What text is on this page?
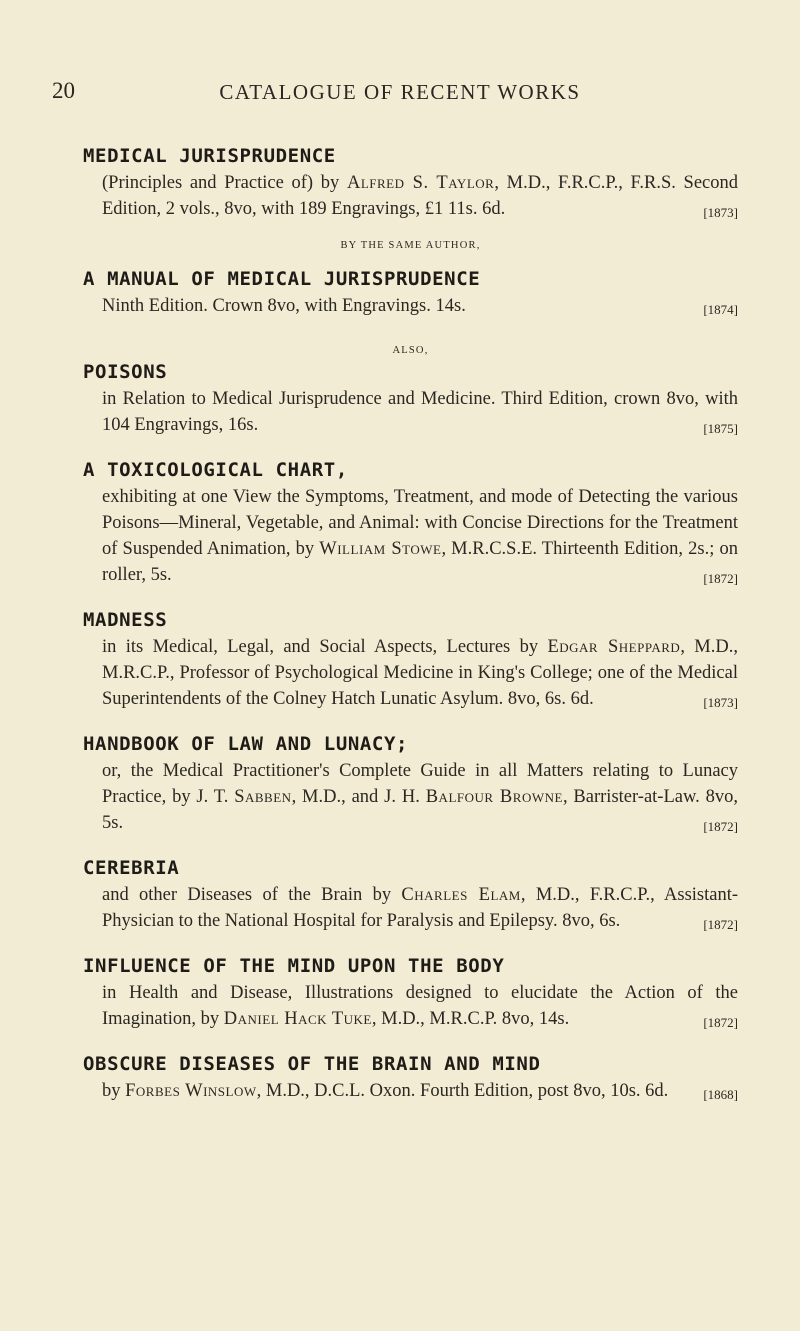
20	CATALOGUE OF RECENT WORKS
MEDICAL JURISPRUDENCE
(Principles and Practice of) by Alfred S. Taylor, M.D., F.R.C.P., F.R.S. Second Edition, 2 vols., 8vo, with 189 Engravings, £1 11s. 6d.	[1873]
BY THE SAME AUTHOR,
A MANUAL OF MEDICAL JURISPRUDENCE
Ninth Edition. Crown 8vo, with Engravings. 14s.	[1874]
ALSO,
POISONS
in Relation to Medical Jurisprudence and Medicine. Third Edition, crown 8vo, with 104 Engravings, 16s.	[1875]
A TOXICOLOGICAL CHART,
exhibiting at one View the Symptoms, Treatment, and mode of Detecting the various Poisons—Mineral, Vegetable, and Animal: with Concise Directions for the Treatment of Suspended Animation, by William Stowe, M.R.C.S.E. Thirteenth Edition, 2s.; on roller, 5s.	[1872]
MADNESS
in its Medical, Legal, and Social Aspects, Lectures by Edgar Sheppard, M.D., M.R.C.P., Professor of Psychological Medicine in King's College; one of the Medical Superintendents of the Colney Hatch Lunatic Asylum. 8vo, 6s. 6d.	[1873]
HANDBOOK OF LAW AND LUNACY;
or, the Medical Practitioner's Complete Guide in all Matters relating to Lunacy Practice, by J. T. Sabben, M.D., and J. H. Balfour Browne, Barrister-at-Law. 8vo, 5s.	[1872]
CEREBRIA
and other Diseases of the Brain by Charles Elam, M.D., F.R.C.P., Assistant-Physician to the National Hospital for Paralysis and Epilepsy. 8vo, 6s.	[1872]
INFLUENCE OF THE MIND UPON THE BODY
in Health and Disease, Illustrations designed to elucidate the Action of the Imagination, by Daniel Hack Tuke, M.D., M.R.C.P. 8vo, 14s.	[1872]
OBSCURE DISEASES OF THE BRAIN AND MIND
by Forbes Winslow, M.D., D.C.L. Oxon. Fourth Edition, post 8vo, 10s. 6d.	[1868]
